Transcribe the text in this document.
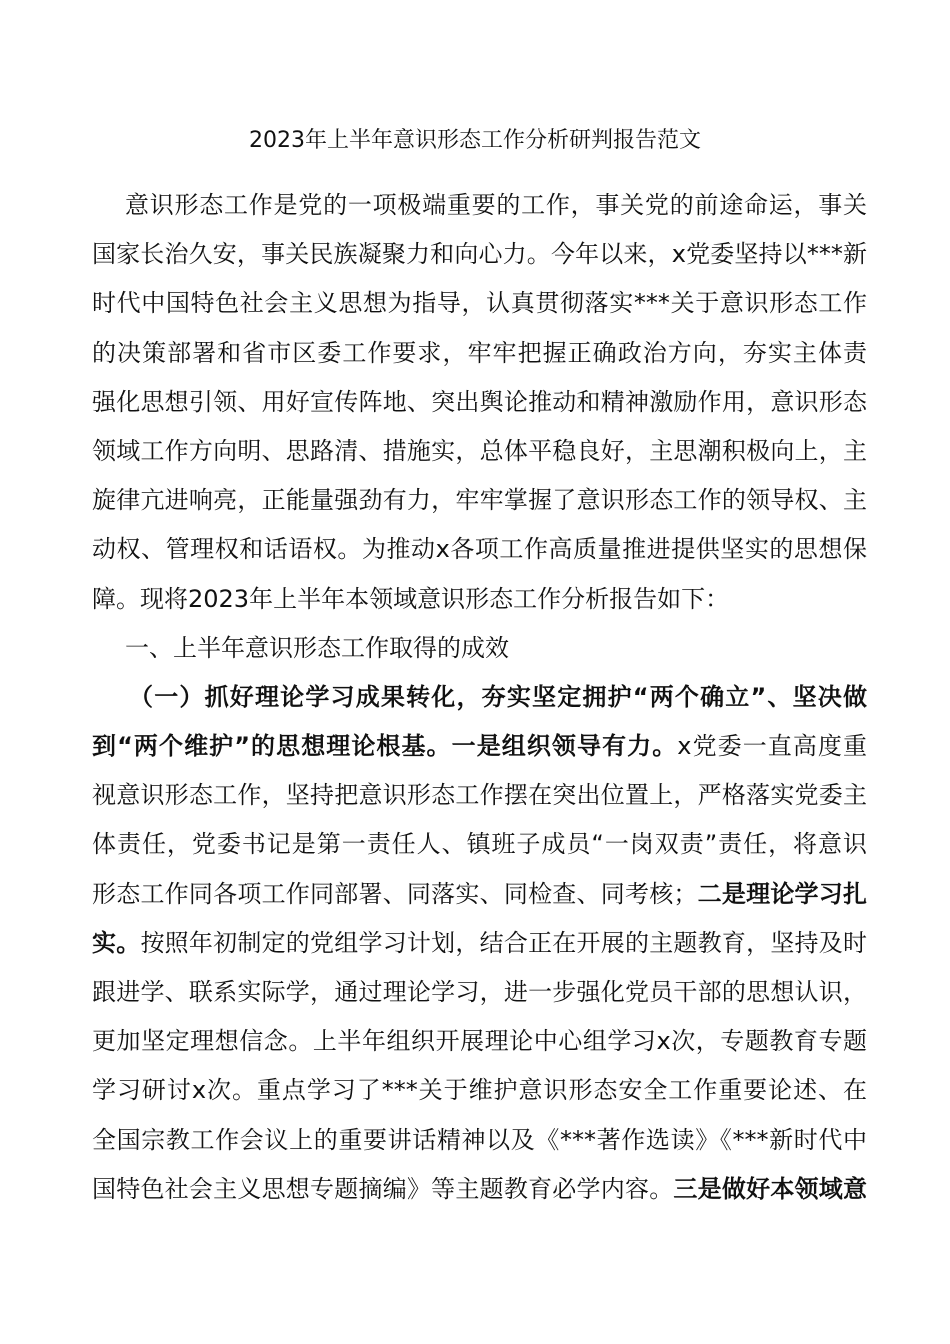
2023年上半年意识形态工作分析研判报告范文
意识形态工作是党的一项极端重要的工作，事关党的前途命运，事关
国家长治久安，事关民族凝聚力和向心力。今年以来，x党委坚持以***新
时代中国特色社会主义思想为指导，认真贯彻落实***关于意识形态工作
的决策部署和省市区委工作要求，牢牢把握正确政治方向，夯实主体责
强化思想引领、用好宣传阵地、突出舆论推动和精神激励作用，意识形态
领域工作方向明、思路清、措施实，总体平稳良好，主思潮积极向上，主
旋律亢进响亮，正能量强劲有力，牢牢掌握了意识形态工作的领导权、主
动权、管理权和话语权。为推动x各项工作高质量推进提供坚实的思想保
障。现将2023年上半年本领域意识形态工作分析报告如下：
一、上半年意识形态工作取得的成效
（一）抓好理论学习成果转化，夯实坚定拥护“两个确立”、坚决做
到“两个维护”的思想理论根基。一是组织领导有力。x党委一直高度重
视意识形态工作，坚持把意识形态工作摆在突出位置上，严格落实党委主
体责任，党委书记是第一责任人、镇班子成员“一岗双责”责任，将意识
形态工作同各项工作同部署、同落实、同检查、同考核；二是理论学习扎
实。按照年初制定的党组学习计划，结合正在开展的主题教育，坚持及时
跟进学、联系实际学，通过理论学习，进一步强化党员干部的思想认识，
更加坚定理想信念。上半年组织开展理论中心组学习x次，专题教育专题
学习研讨x次。重点学习了***关于维护意识形态安全工作重要论述、在
全国宗教工作会议上的重要讲话精神以及《***著作选读》《***新时代中
国特色社会主义思想专题摘编》等主题教育必学内容。三是做好本领域意
